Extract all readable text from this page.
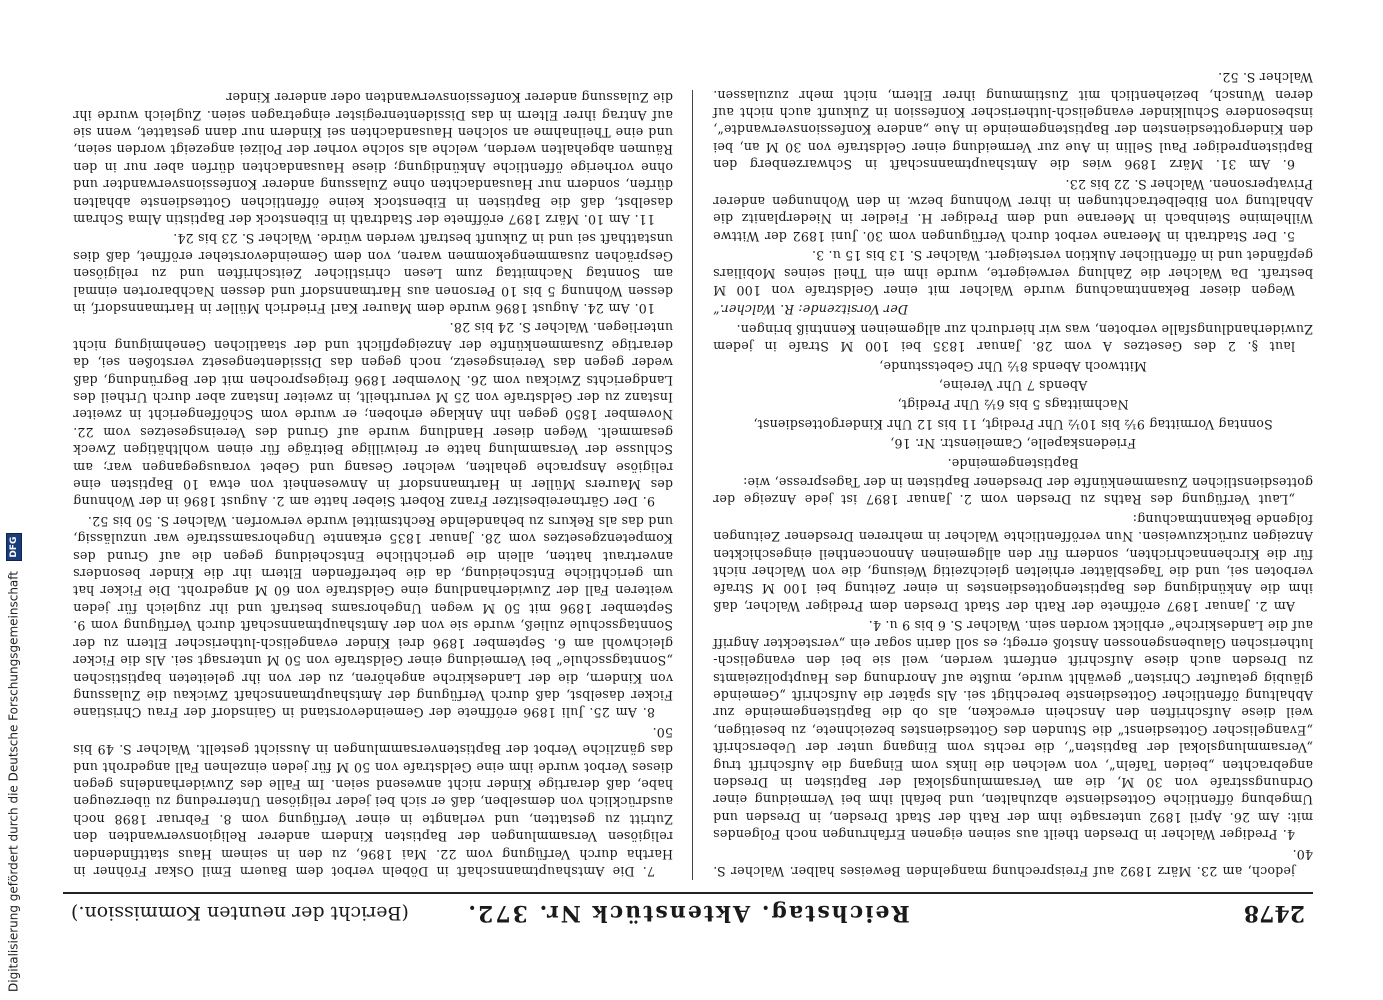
2478
Reichstag. Aktenstück Nr. 372.
(Bericht der neunten Kommission.)

jedoch, am 23. März 1892 auf Freisprechung mangelnden Beweises halber. Walcher S. 40.

4. Prediger Walcher in Dresden theilt aus seinen eigenen Erfahrungen noch Folgendes mit: Am 26. April 1892 untersagte ihm der Rath der Stadt Dresden, in Dresden und Umgebung öffentliche Gottesdienste abzuhalten, und befahl ihm bei Vermeidung einer Ordnungsstrafe von 30 M, die am Versammlungslokal der Baptisten in Dresden angebrachten „beiden Tafeln“, von welchen die links vom Eingang die Aufschrift trug „Versammlungslokal der Baptisten“, die rechts vom Eingang unter der Ueberschrift „Evangelischer Gottesdienst“ die Stunden des Gottesdienstes bezeichnete, zu beseitigen, weil diese Aufschriften den Anschein erwecken, als ob die Baptistengemeinde zur Abhaltung öffentlicher Gottesdienste berechtigt sei. Als später die Aufschrift „Gemeinde gläubig getaufter Christen“ gewählt wurde, mußte auf Anordnung des Hauptpolizeiamts zu Dresden auch diese Aufschrift entfernt werden, weil sie bei den evangelisch-lutherischen Glaubensgenossen Anstoß erregt; es soll darin sogar ein „versteckter Angriff auf die Landeskirche“ erblickt worden sein. Walcher S. 6 bis 9 u. 4.

Am 2. Januar 1897 eröffnete der Rath der Stadt Dresden dem Prediger Walcher, daß ihm die Ankündigung des Baptistengottesdienstes in einer Zeitung bei 100 M Strafe verboten sei, und die Tagesblätter erhielten gleichzeitig Weisung, die von Walcher nicht für die Kirchennachrichten, sondern für den allgemeinen Annoncentheil eingeschickten Anzeigen zurückzuweisen. Nun veröffentlichte Walcher in mehreren Dresdener Zeitungen folgende Bekanntmachung:

„Laut Verfügung des Raths zu Dresden vom 2. Januar 1897 ist jede Anzeige der gottesdienstlichen Zusammenkünfte der Dresdener Baptisten in der Tagespresse, wie:

Baptistengemeinde.

Friedenskapelle, Camelienstr. Nr. 16,

Sonntag Vormittag 9½ bis 10½ Uhr Predigt, 11 bis 12 Uhr Kindergottesdienst,

Nachmittags 5 bis 6½ Uhr Predigt,

Abends 7 Uhr Vereine,

Mittwoch Abends 8½ Uhr Gebetsstunde,

laut §. 2 des Gesetzes A vom 28. Januar 1835 bei 100 M Strafe in jedem Zuwiderhandlungsfalle verboten, was wir hierdurch zur allgemeinen Kenntniß bringen.

Der Vorsitzende: R. Walcher.“

Wegen dieser Bekanntmachung wurde Walcher mit einer Geldstrafe von 100 M bestraft. Da Walcher die Zahlung verweigerte, wurde ihm ein Theil seines Mobiliars gepfändet und in öffentlicher Auktion versteigert. Walcher S. 13 bis 15 u. 3.

5. Der Stadtrath in Meerane verbot durch Verfügungen vom 30. Juni 1892 der Wittwe Wilhelmine Steinbach in Meerane und dem Prediger H. Fiedler in Niederplanitz die Abhaltung von Bibelbetrachtungen in ihrer Wohnung bezw. in den Wohnungen anderer Privatpersonen. Walcher S. 22 bis 23.

6. Am 31. März 1896 wies die Amtshauptmannschaft in Schwarzenberg den Baptistenprediger Paul Sellin in Aue zur Vermeidung einer Geldstrafe von 30 M an, bei den Kindergottesdiensten der Baptistengemeinde in Aue „andere Konfessionsverwandte“, insbesondere Schulkinder evangelisch-lutherischer Konfession in Zukunft auch nicht auf deren Wunsch, beziehentlich mit Zustimmung ihrer Eltern, nicht mehr zuzulassen. Walcher S. 52.

7. Die Amtshauptmannschaft in Döbeln verbot dem Bauern Emil Oskar Fröhner in Hartha durch Verfügung vom 22. Mai 1896, zu den in seinem Haus stattfindenden religiösen Versammlungen der Baptisten Kindern anderer Religionsverwandten den Zutritt zu gestatten, und verlangte in einer Verfügung vom 8. Februar 1898 noch ausdrücklich von demselben, daß er sich bei jeder religiösen Unterredung zu überzeugen habe, daß derartige Kinder nicht anwesend seien. Im Falle des Zuwiderhandelns gegen dieses Verbot wurde ihm eine Geldstrafe von 50 M für jeden einzelnen Fall angedroht und das gänzliche Verbot der Baptistenversammlungen in Aussicht gestellt. Walcher S. 49 bis 50.

8. Am 25. Juli 1896 eröffnete der Gemeindevorstand in Gainsdorf der Frau Christiane Ficker daselbst, daß durch Verfügung der Amtshauptmannschaft Zwickau die Zulassung von Kindern, die der Landeskirche angehören, zu der von ihr geleiteten baptistischen „Sonntagsschule“ bei Vermeidung einer Geldstrafe von 50 M untersagt sei. Als die Ficker gleichwohl am 6. September 1896 drei Kinder evangelisch-lutherischer Eltern zu der Sonntagsschule zuließ, wurde sie von der Amtshauptmannschaft durch Verfügung vom 9. September 1896 mit 50 M wegen Ungehorsams bestraft und ihr zugleich für jeden weiteren Fall der Zuwiderhandlung eine Geldstrafe von 60 M angedroht. Die Ficker hat um gerichtliche Entscheidung, da die betreffenden Eltern ihr die Kinder besonders anvertraut hatten, allein die gerichtliche Entscheidung gegen die auf Grund des Kompetenzgesetzes vom 28. Januar 1835 erkannte Ungehorsamsstrafe war unzulässig, und das als Rekurs zu behandelnde Rechtsmittel wurde verworfen. Walcher S. 50 bis 52.

9. Der Gärtnereibesitzer Franz Robert Sieber hatte am 2. August 1896 in der Wohnung des Maurers Müller in Hartmannsdorf in Anwesenheit von etwa 10 Baptisten eine religiöse Ansprache gehalten, welcher Gesang und Gebet vorausgegangen war; am Schlusse der Versammlung hatte er freiwillige Beiträge für einen wohlthätigen Zweck gesammelt. Wegen dieser Handlung wurde auf Grund des Vereinsgesetzes vom 22. November 1850 gegen ihn Anklage erhoben; er wurde vom Schöffengericht in zweiter Instanz zu der Geldstrafe von 25 M verurtheilt, in zweiter Instanz aber durch Urtheil des Landgerichts Zwickau vom 26. November 1896 freigesprochen mit der Begründung, daß weder gegen das Vereinsgesetz, noch gegen das Dissidentengesetz verstoßen sei, da derartige Zusammenkünfte der Anzeigepflicht und der staatlichen Genehmigung nicht unterliegen. Walcher S. 24 bis 28.

10. Am 24. August 1896 wurde dem Maurer Karl Friedrich Müller in Hartmannsdorf, in dessen Wohnung 5 bis 10 Personen aus Hartmannsdorf und dessen Nachbarorten einmal am Sonntag Nachmittag zum Lesen christlicher Zeitschriften und zu religiösen Gesprächen zusammengekommen waren, von dem Gemeindevorsteher eröffnet, daß dies unstatthaft sei und in Zukunft bestraft werden würde. Walcher S. 23 bis 24.

11. Am 10. März 1897 eröffnete der Stadtrath in Eibenstock der Baptistin Alma Schram daselbst, daß die Baptisten in Eibenstock keine öffentlichen Gottesdienste abhalten dürfen, sondern nur Hausandachten ohne Zulassung anderer Konfessionsverwandter und ohne vorherige öffentliche Ankündigung; diese Hausandachten dürfen aber nur in den Räumen abgehalten werden, welche als solche vorher der Polizei angezeigt worden seien, und eine Theilnahme an solchen Hausandachten sei Kindern nur dann gestattet, wenn sie auf Antrag ihrer Eltern in das Dissidentenregister eingetragen seien. Zugleich wurde ihr die Zulassung anderer Konfessionsverwandten oder anderer Kinder

Digitalisierung gefördert durch die Deutsche Forschungsgemeinschaft DFG
